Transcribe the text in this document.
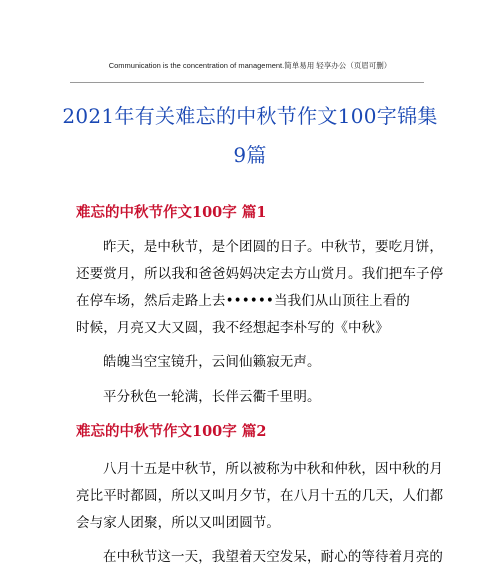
Communication is the concentration of management.简单易用 轻享办公（页眉可删）
2021年有关难忘的中秋节作文100字锦集
9篇
难忘的中秋节作文100字 篇1
昨天，是中秋节，是个团圆的日子。中秋节，要吃月饼，
还要赏月，所以我和爸爸妈妈决定去方山赏月。我们把车子停
在停车场，然后走路上去••••••当我们从山顶往上看的
时候，月亮又大又圆，我不经想起李朴写的《中秋》
皓魄当空宝镜升，云间仙籁寂无声。
平分秋色一轮满，长伴云衢千里明。
难忘的中秋节作文100字 篇2
八月十五是中秋节，所以被称为中秋和仲秋，因中秋的月
亮比平时都圆，所以又叫月夕节，在八月十五的几天，人们都
会与家人团聚，所以又叫团圆节。
在中秋节这一天，我望着天空发呆，耐心的等待着月亮的
